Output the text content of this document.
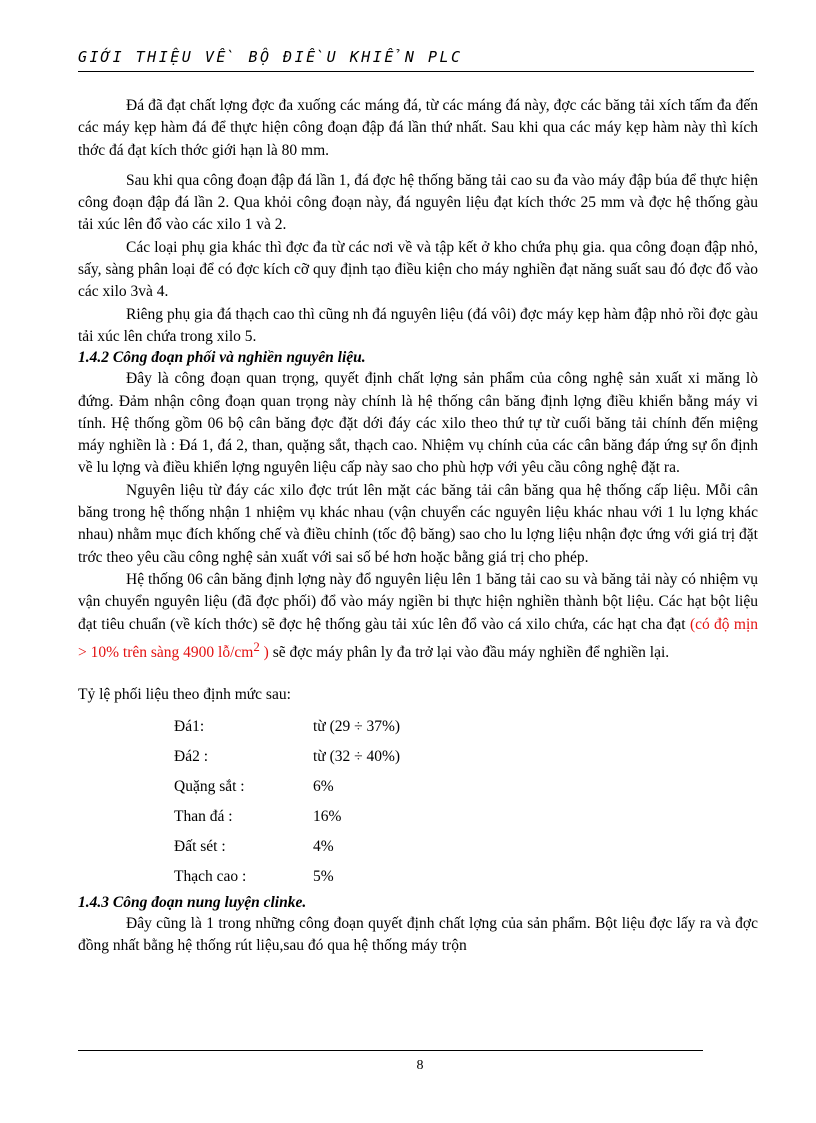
GIỚI THIỆU VỀ BỘ ĐIỀU KHIỂN PLC

Đá đã đạt chất lợng đợc đa xuống các máng đá, từ các máng đá này, đợc các băng tải xích tấm đa đến các máy kẹp hàm đá để thực hiện công đoạn đập đá lần thứ nhất. Sau khi qua các máy kẹp hàm này thì kích thớc đá đạt kích thớc giới hạn là 80 mm.

Sau khi qua công đoạn đập đá lần 1, đá đợc hệ thống băng tải cao su đa vào máy đập búa để thực hiện công đoạn đập đá lần 2. Qua khỏi công đoạn này, đá nguyên liệu đạt kích thớc 25 mm và đợc hệ thống gàu tải xúc lên đổ vào các xilo 1 và 2.

Các loại phụ gia khác thì đợc đa từ các nơi về và tập kết ở kho chứa phụ gia. qua công đoạn đập nhỏ, sấy, sàng phân loại để có đợc kích cỡ quy định tạo điều kiện cho máy nghiền đạt năng suất sau đó đợc đổ vào các xilo 3và 4.

Riêng phụ gia đá thạch cao thì cũng nh đá nguyên liệu (đá vôi) đợc máy kẹp hàm đập nhỏ rồi đợc gàu tải xúc lên chứa trong xilo 5.

1.4.2 Công đoạn phối và nghiền nguyên liệu.

Đây là công đoạn quan trọng, quyết định chất lợng sản phẩm của công nghệ sản xuất xi măng lò đứng. Đảm nhận công đoạn quan trọng này chính là hệ thống cân băng định lợng điều khiển bằng máy vi tính. Hệ thống gồm 06 bộ cân băng đợc đặt dới đáy các xilo theo thứ tự từ cuối băng tải chính đến miệng máy nghiền là : Đá 1, đá 2, than, quặng sắt, thạch cao. Nhiệm vụ chính của các cân băng đáp ứng sự ổn định về lu lợng và điều khiển lợng nguyên liệu cấp này sao cho phù hợp với yêu cầu công nghệ đặt ra.

Nguyên liệu từ đáy các xilo đợc trút lên mặt các băng tải cân băng qua hệ thống cấp liệu. Mỗi cân băng trong hệ thống nhận 1 nhiệm vụ khác nhau (vận chuyển các nguyên liệu khác nhau với 1 lu lợng khác nhau) nhằm mục đích khống chế và điều chỉnh (tốc độ băng) sao cho lu lợng liệu nhận đợc ứng với giá trị đặt trớc theo yêu cầu công nghệ sản xuất với sai số bé hơn hoặc bằng giá trị cho phép.

Hệ thống 06 cân băng định lợng này đổ nguyên liệu lên 1 băng tải cao su và băng tải này có nhiệm vụ vận chuyển nguyên liệu (đã đợc phối) đổ vào máy ngiền bi thực hiện nghiền thành bột liệu. Các hạt bột liệu đạt tiêu chuẩn (về kích thớc) sẽ đợc hệ thống gàu tải xúc lên đổ vào cá xilo chứa, các hạt cha đạt (có độ mịn > 10% trên sàng 4900 $lỗ/cm^2$ ) sẽ đợc máy phân ly đa trở lại vào đầu máy nghiền để nghiền lại.

Tỷ lệ phối liệu theo định mức sau:

Đá1:	từ (29 ÷ 37%)
Đá2 :	từ (32 ÷ 40%)
Quặng sắt :	6%
Than đá :	16%
Đất sét :	4%
Thạch cao :	5%

1.4.3 Công đoạn nung luyện clinke.

Đây cũng là 1 trong những công đoạn quyết định chất lợng của sản phẩm. Bột liệu đợc lấy ra và đợc đồng nhất bằng hệ thống rút liệu,sau đó qua hệ thống máy trộn

8
